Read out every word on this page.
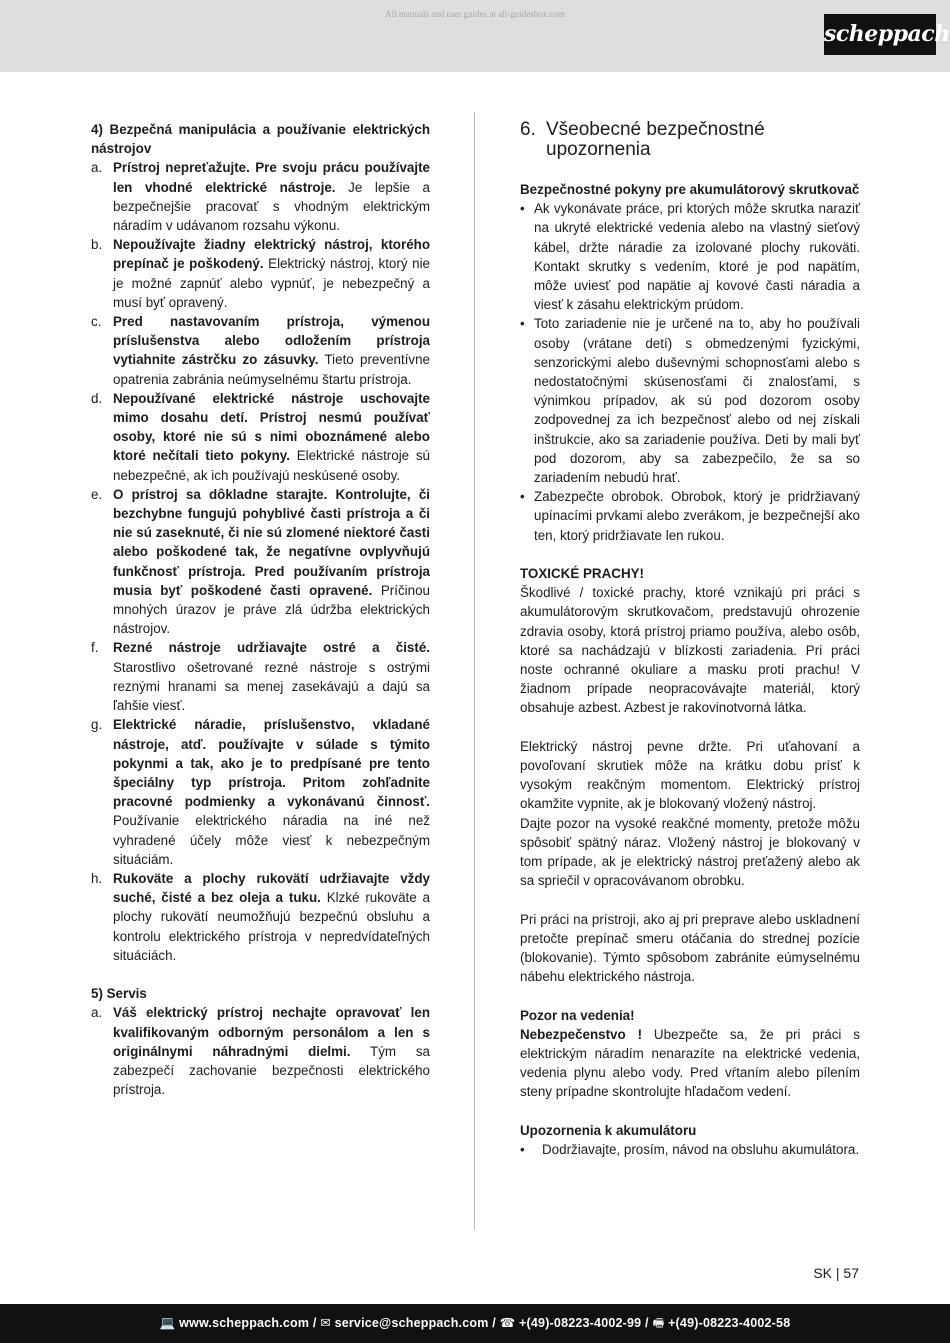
All manuals and user guides at all-guidesbox.com
scheppach

4) Bezpečná manipulácia a používanie elektrických nástrojov

a. Prístroj nepreťažujte. Pre svoju prácu používajte len vhodné elektrické nástroje. Je lepšie a bezpečnejšie pracovať s vhodným elektrickým náradím v udávanom rozsahu výkonu.
b. Nepoužívajte žiadny elektrický nástroj, ktorého prepínač je poškodený. Elektrický nástroj, ktorý nie je možné zapnúť alebo vypnúť, je nebezpečný a musí byť opravený.
c. Pred nastavovaním prístroja, výmenou príslušenstva alebo odložením prístroja vytiahnite zástrčku zo zásuvky. Tieto preventívne opatrenia zabránia neúmyselnému štartu prístroja.
d. Nepoužívané elektrické nástroje uschovajte mimo dosahu detí. Prístroj nesmú používať osoby, ktoré nie sú s nimi oboznámené alebo ktoré nečítali tieto pokyny. Elektrické nástroje sú nebezpečné, ak ich používajú neskúsené osoby.
e. O prístroj sa dôkladne starajte. Kontrolujte, či bezchybne fungujú pohyblivé časti prístroja a či nie sú zaseknuté, či nie sú zlomené niektoré časti alebo poškodené tak, že negatívne ovplyvňujú funkčnosť prístroja. Pred používaním prístroja musia byť poškodené časti opravené. Príčinou mnohých úrazov je práve zlá údržba elektrických nástrojov.
f.	Rezné nástroje udržiavajte ostré a čisté. Starostlivo ošetrované rezné nástroje s ostrými reznými hranami sa menej zasekávajú a dajú sa ľahšie viesť.
g. Elektrické náradie, príslušenstvo, vkladané nástroje, atď. používajte v súlade s týmito pokynmi a tak, ako je to predpísané pre tento špeciálny typ prístroja. Pritom zohľadnite pracovné podmienky a vykonávanú činnosť. Používanie elektrického náradia na iné než vyhradené účely môže viesť k nebezpečným situáciám.
h. Rukoväte a plochy rukovätí udržiavajte vždy suché, čisté a bez oleja a tuku. Klzké rukoväte a plochy rukovätí neumožňujú bezpečnú obsluhu a kontrolu elektrického prístroja v nepredvídateľných situáciách.

5) Servis

a. Váš elektrický prístroj nechajte opravovať len kvalifikovaným odborným personálom a len s originálnymi náhradnými dielmi. Tým sa zabezpečí zachovanie bezpečnosti elektrického prístroja.
6. Všeobecné bezpečnostné upozornenia

Bezpečnostné pokyny pre akumulátorový skrutkovač

• Ak vykonávate práce, pri ktorých môže skrutka naraziť na ukryté elektrické vedenia alebo na vlastný sieťový kábel, držte náradie za izolované plochy rukoväti. Kontakt skrutky s vedením, ktoré je pod napätím, môže uviesť pod napätie aj kovové časti náradia a viesť k zásahu elektrickým prúdom.
• Toto zariadenie nie je určené na to, aby ho používali osoby (vrátane detí) s obmedzenými fyzickými, senzorickými alebo duševnými schopnosťami alebo s nedostatočnými skúsenosťami či znalosťami, s výnimkou prípadov, ak sú pod dozorom osoby zodpovednej za ich bezpečnosť alebo od nej získali inštrukcie, ako sa zariadenie používa. Deti by mali byť pod dozorom, aby sa zabezpečilo, že sa so zariadením nebudú hrať.
• Zabezpečte obrobok. Obrobok, ktorý je pridržiavaný upínacími prvkami alebo zverákom, je bezpečnejší ako ten, ktorý pridržiavate len rukou.

TOXICKÉ PRACHY!

Škodlivé / toxické prachy, ktoré vznikajú pri práci s akumulátorovým skrutkovačom, predstavujú ohrozenie zdravia osoby, ktorá prístroj priamo používa, alebo osôb, ktoré sa nachádzajú v blízkosti zariadenia. Pri práci noste ochranné okuliare a masku proti prachu! V žiadnom prípade neopracovávajte materiál, ktorý obsahuje azbest. Azbest je rakovinotvorná látka.

Elektrický nástroj pevne držte. Pri uťahovaní a povoľovaní skrutiek môže na krátku dobu prísť k vysokým reakčným momentom. Elektrický prístroj okamžite vypnite, ak je blokovaný vložený nástroj.

Dajte pozor na vysoké reakčné momenty, pretože môžu spôsobiť spätný náraz. Vložený nástroj je blokovaný v tom prípade, ak je elektrický nástroj preťažený alebo ak sa spriečil v opracovávanom obrobku.

Pri práci na prístroji, ako aj pri preprave alebo uskladnení pretočte prepínač smeru otáčania do strednej pozície (blokovanie). Týmto spôsobom zabránite eúmyselnému nábehu elektrického nástroja.

Pozor na vedenia!

Nebezpečenstvo ! Ubezpečte sa, že pri práci s elektrickým náradím nenarazíte na elektrické vedenia, vedenia plynu alebo vody. Pred vŕtaním alebo pílením steny prípadne skontrolujte hľadačom vedení.

Upozornenia k akumulátoru

•	Dodržiavajte, prosím, návod na obsluhu akumulátora.
SK | 57
💻 www.scheppach.com / ✉ service@scheppach.com / ☎ +(49)-08223-4002-99 / 🖷 +(49)-08223-4002-58
